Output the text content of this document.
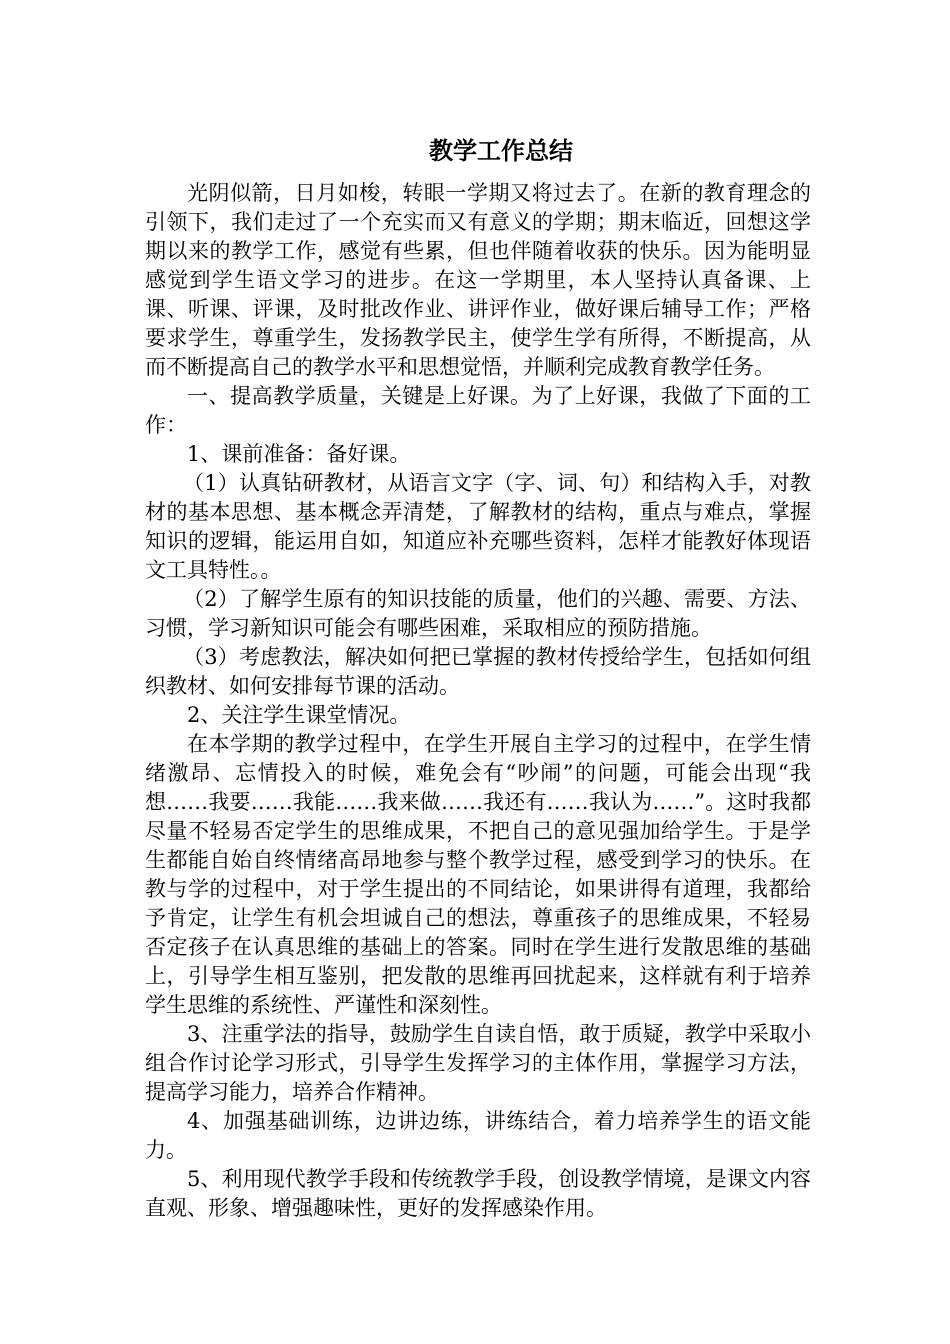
教学工作总结

光阴似箭，日月如梭，转眼一学期又将过去了。在新的教育理念的引领下，我们走过了一个充实而又有意义的学期；期末临近，回想这学期以来的教学工作，感觉有些累，但也伴随着收获的快乐。因为能明显感觉到学生语文学习的进步。在这一学期里，本人坚持认真备课、上课、听课、评课，及时批改作业、讲评作业，做好课后辅导工作；严格要求学生，尊重学生，发扬教学民主，使学生学有所得，不断提高，从而不断提高自己的教学水平和思想觉悟，并顺利完成教育教学任务。

一、提高教学质量，关键是上好课。为了上好课，我做了下面的工作：

1、课前准备：备好课。

（1）认真钻研教材，从语言文字（字、词、句）和结构入手，对教材的基本思想、基本概念弄清楚，了解教材的结构，重点与难点，掌握知识的逻辑，能运用自如，知道应补充哪些资料，怎样才能教好体现语文工具特性。。

（2）了解学生原有的知识技能的质量，他们的兴趣、需要、方法、习惯，学习新知识可能会有哪些困难，采取相应的预防措施。

（3）考虑教法，解决如何把已掌握的教材传授给学生，包括如何组织教材、如何安排每节课的活动。

2、关注学生课堂情况。

在本学期的教学过程中，在学生开展自主学习的过程中，在学生情绪激昂、忘情投入的时候，难免会有“吵闹”的问题，可能会出现“我想……我要……我能……我来做……我还有……我认为……”。这时我都尽量不轻易否定学生的思维成果，不把自己的意见强加给学生。于是学生都能自始自终情绪高昂地参与整个教学过程，感受到学习的快乐。在教与学的过程中，对于学生提出的不同结论，如果讲得有道理，我都给予肯定，让学生有机会坦诚自己的想法，尊重孩子的思维成果，不轻易否定孩子在认真思维的基础上的答案。同时在学生进行发散思维的基础上，引导学生相互鉴别，把发散的思维再回扰起来，这样就有利于培养学生思维的系统性、严谨性和深刻性。

3、注重学法的指导，鼓励学生自读自悟，敢于质疑，教学中采取小组合作讨论学习形式，引导学生发挥学习的主体作用，掌握学习方法，提高学习能力，培养合作精神。

4、加强基础训练，边讲边练，讲练结合，着力培养学生的语文能力。

5、利用现代教学手段和传统教学手段，创设教学情境，是课文内容直观、形象、增强趣味性，更好的发挥感染作用。
